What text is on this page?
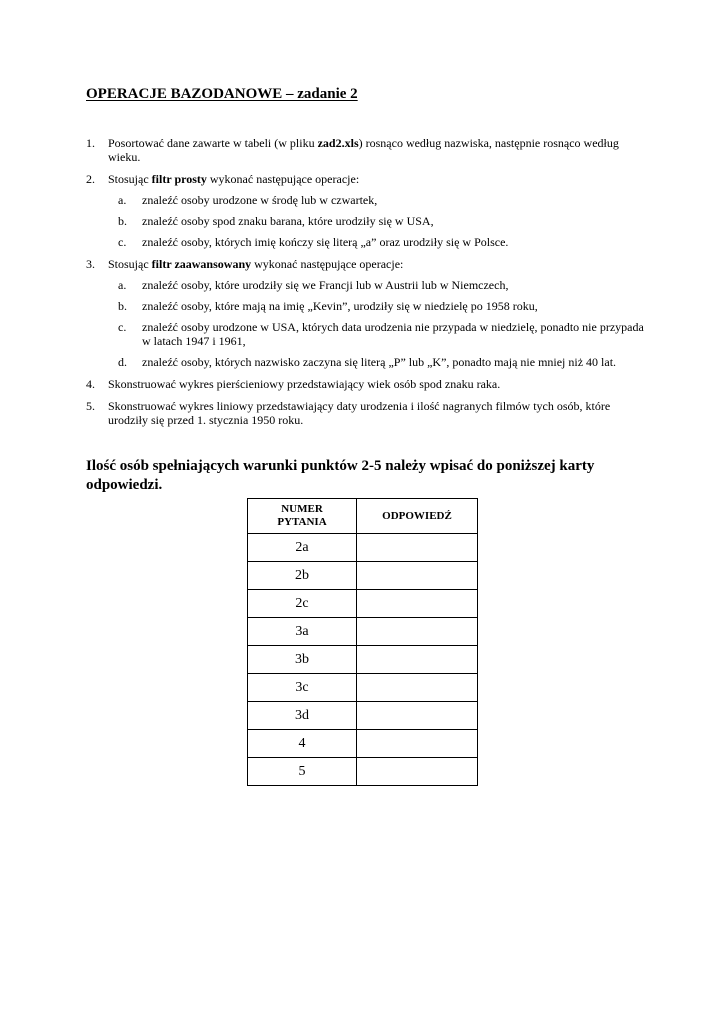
OPERACJE BAZODANOWE – zadanie 2
1.	Posortować dane zawarte w tabeli (w pliku zad2.xls) rosnąco według nazwiska, następnie rosnąco według wieku.
2.	Stosując filtr prosty wykonać następujące operacje:
a.	znaleźć osoby urodzone w środę lub w czwartek,
b.	znaleźć osoby spod znaku barana, które urodziły się w USA,
c.	znaleźć osoby, których imię kończy się literą „a” oraz urodziły się w Polsce.
3.	Stosując filtr zaawansowany wykonać następujące operacje:
a.	znaleźć osoby, które urodziły się we Francji lub w Austrii lub w Niemczech,
b.	znaleźć osoby, które mają na imię „Kevin”, urodziły się w niedzielę po 1958 roku,
c.	znaleźć osoby urodzone w USA, których data urodzenia nie przypada w niedzielę, ponadto nie przypada w latach 1947 i 1961,
d.	znaleźć osoby, których nazwisko zaczyna się literą „P” lub „K”, ponadto mają nie mniej niż 40 lat.
4.	Skonstruować wykres pierścieniowy przedstawiający wiek osób spod znaku raka.
5.	Skonstruować wykres liniowy przedstawiający daty urodzenia i ilość nagranych filmów tych osób, które urodziły się przed 1. stycznia 1950 roku.
Ilość osób spełniających warunki punktów 2-5 należy wpisać do poniższej karty odpowiedzi.
NUMER
PYTANIA	ODPOWIEDŹ
2a	
2b	
2c	
3a	
3b	
3c	
3d	
4	
5	
